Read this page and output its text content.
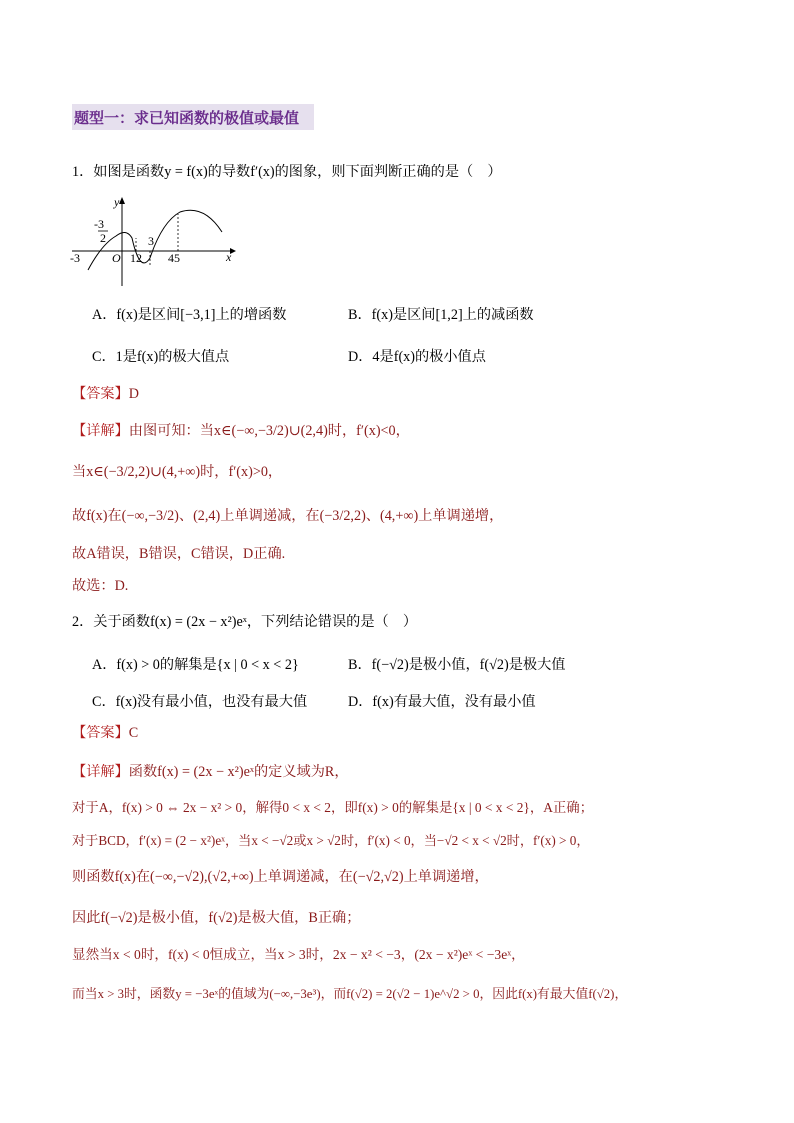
题型一：求已知函数的极值或最值
1．如图是函数y = f(x)的导数f′(x)的图象，则下面判断正确的是（　）
y
x
-3	O
-3
2
12
3
45
A．f(x)是区间[−3,1]上的增函数	B．f(x)是区间[1,2]上的减函数
C．1是f(x)的极大值点	D．4是f(x)的极小值点
【答案】D
【详解】由图可知：当x∈(−∞,−3/2)∪(2,4)时，f′(x)<0，
当x∈(−3/2,2)∪(4,+∞)时，f′(x)>0，
故f(x)在(−∞,−3/2)、(2,4)上单调递减，在(−3/2,2)、(4,+∞)上单调递增，
故A错误，B错误，C错误，D正确.
故选：D.
2．关于函数f(x) = (2x − x²)eˣ，下列结论错误的是（　）
A．f(x) > 0的解集是{x | 0 < x < 2}	B．f(−√2)是极小值，f(√2)是极大值
C．f(x)没有最小值，也没有最大值	D．f(x)有最大值，没有最小值
【答案】C
【详解】函数f(x) = (2x − x²)eˣ的定义域为R，
对于A，f(x) > 0 ⇔ 2x − x² > 0，解得0 < x < 2，即f(x) > 0的解集是{x | 0 < x < 2}，A正确；
对于BCD，f′(x) = (2 − x²)eˣ，当x < −√2或x > √2时，f′(x) < 0，当−√2 < x < √2时，f′(x) > 0，
则函数f(x)在(−∞,−√2),(√2,+∞)上单调递减，在(−√2,√2)上单调递增，
因此f(−√2)是极小值，f(√2)是极大值，B正确；
显然当x < 0时，f(x) < 0恒成立，当x > 3时，2x − x² < −3，(2x − x²)eˣ < −3eˣ，
而当x > 3时，函数y = −3eˣ的值域为(−∞,−3e³)，而f(√2) = 2(√2 − 1)e^√2 > 0，因此f(x)有最大值f(√2)，
